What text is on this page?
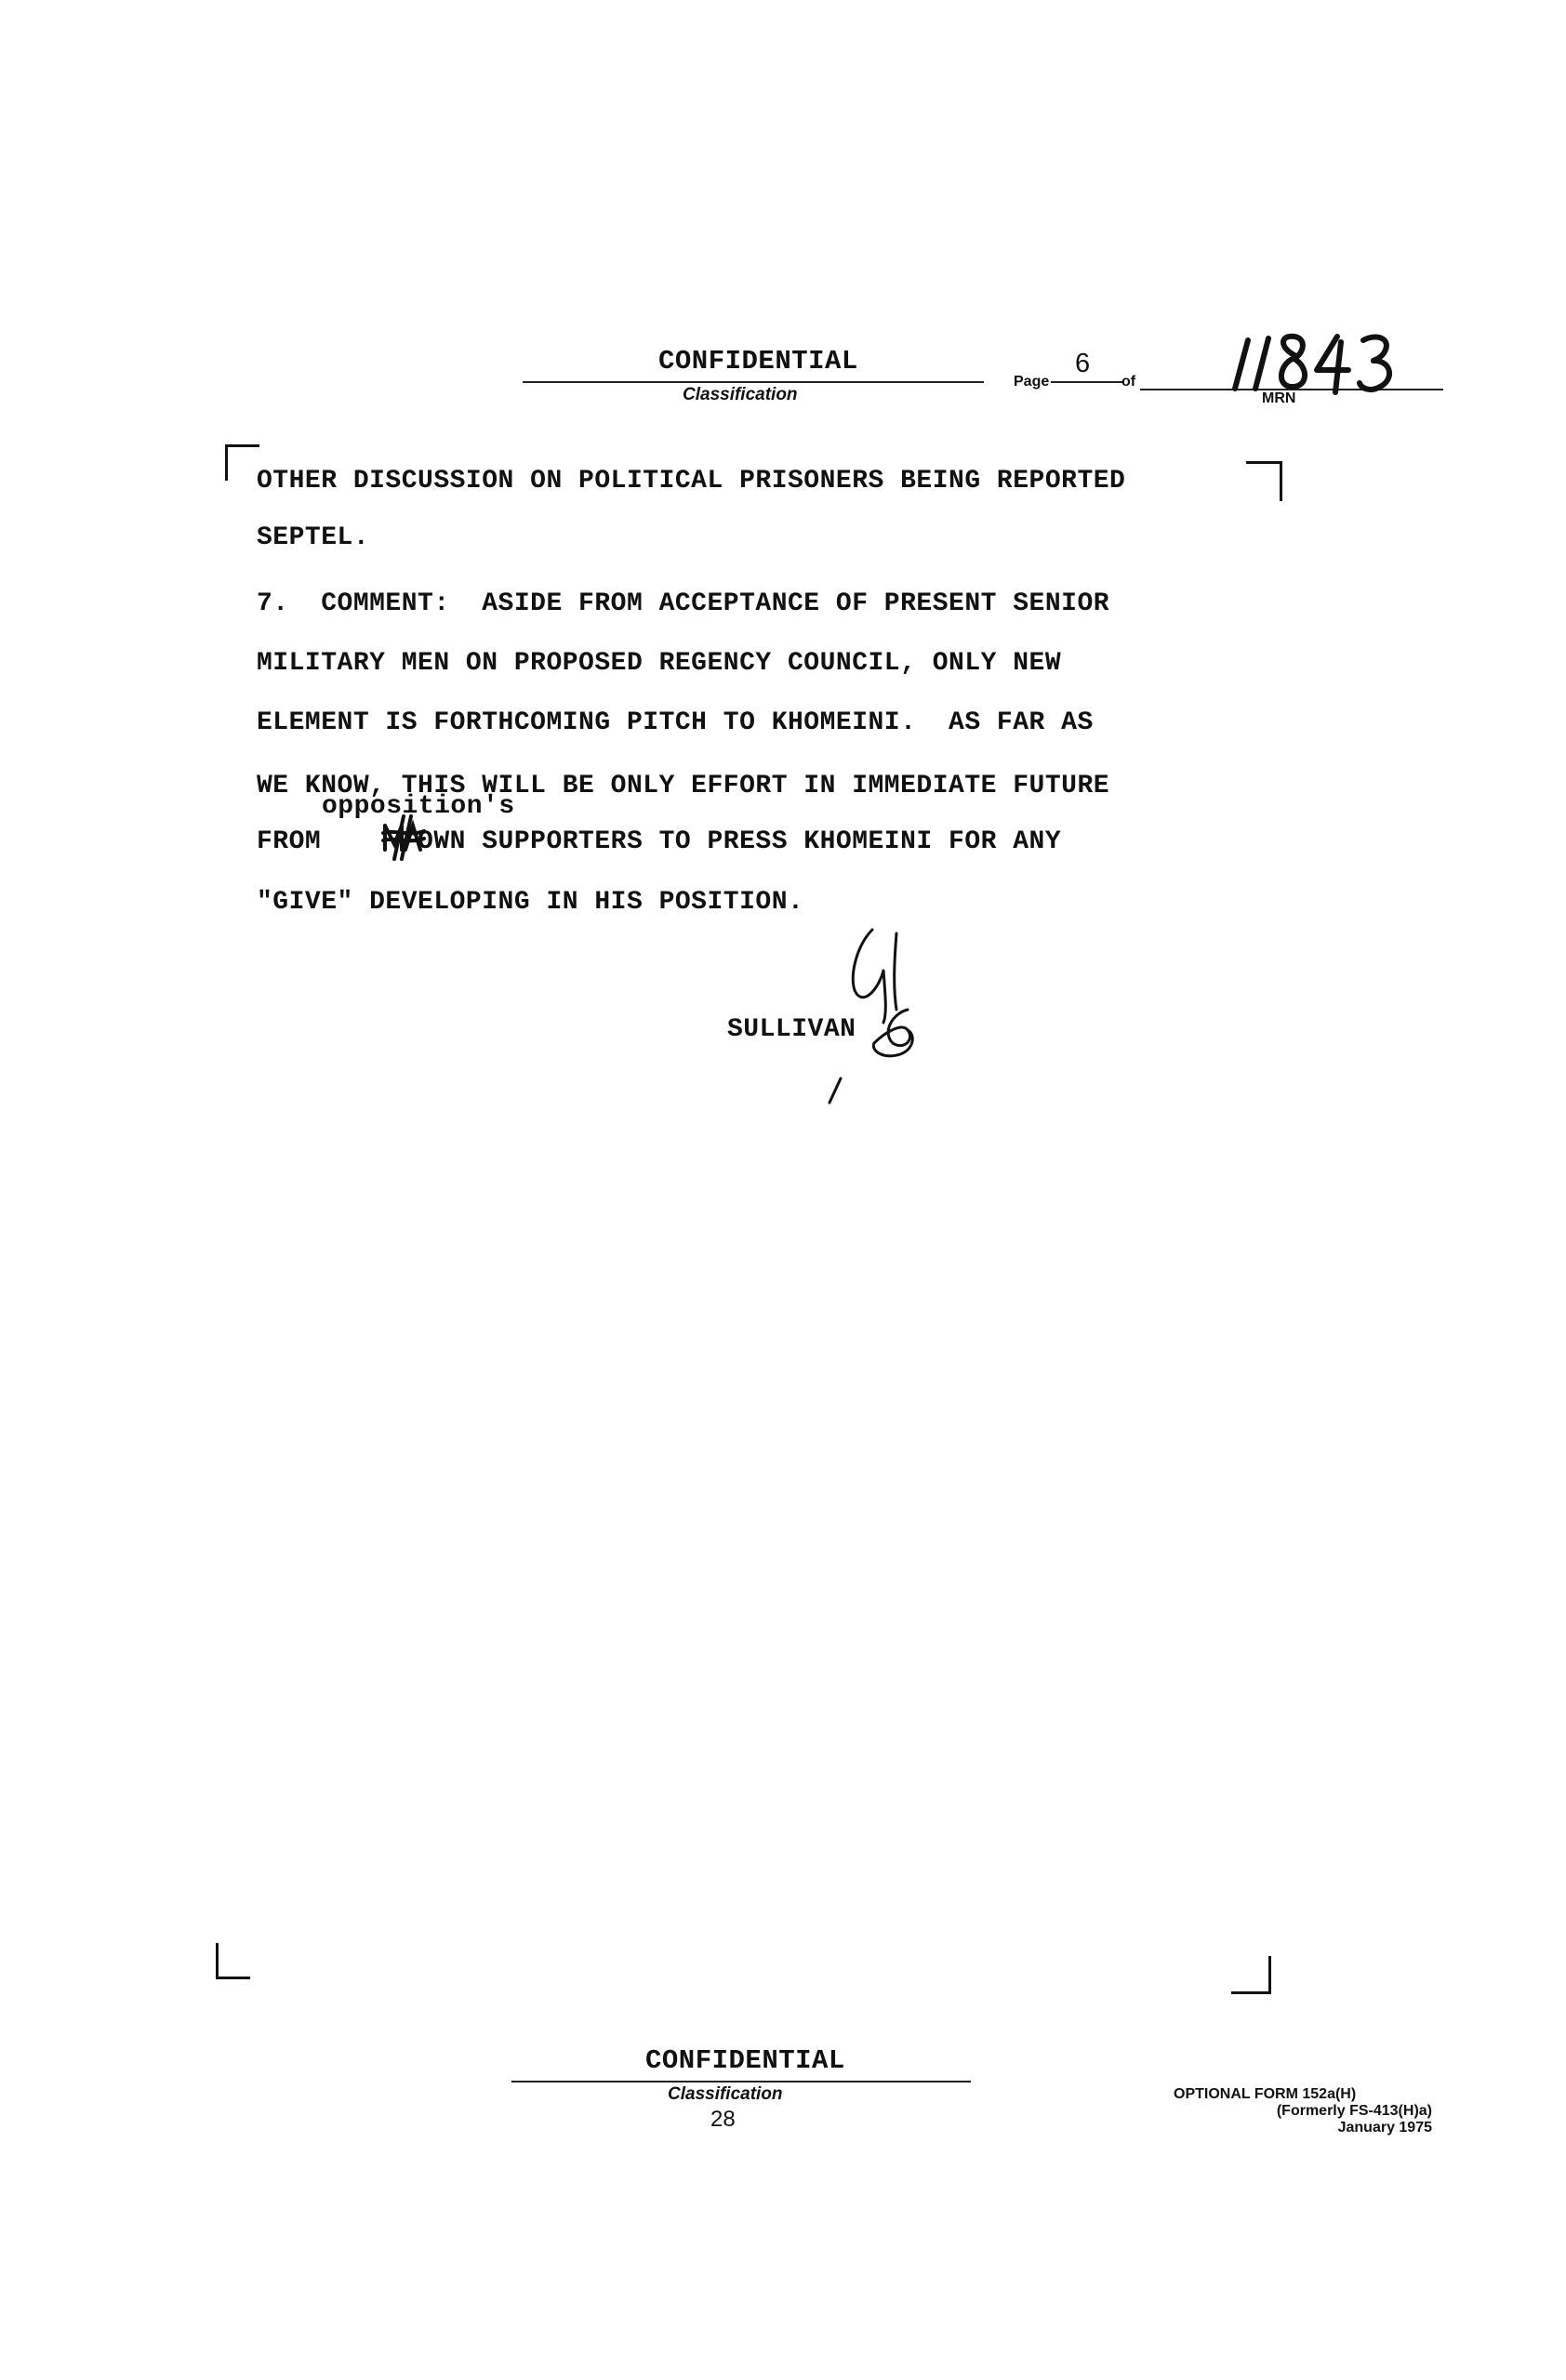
CONFIDENTIAL
Classification
Page
6
of
MRN
OTHER DISCUSSION ON POLITICAL PRISONERS BEING REPORTED
SEPTEL.
7.  COMMENT:  ASIDE FROM ACCEPTANCE OF PRESENT SENIOR
MILITARY MEN ON PROPOSED REGENCY COUNCIL, ONLY NEW
ELEMENT IS FORTHCOMING PITCH TO KHOMEINI.  AS FAR AS
WE KNOW, THIS WILL BE ONLY EFFORT IN IMMEDIATE FUTURE
opposition's
FROM      OWN SUPPORTERS TO PRESS KHOMEINI FOR ANY
"GIVE" DEVELOPING IN HIS POSITION.
SULLIVAN
CONFIDENTIAL
Classification
28
OPTIONAL FORM 152a(H)
(Formerly FS-413(H)a)
January 1975
